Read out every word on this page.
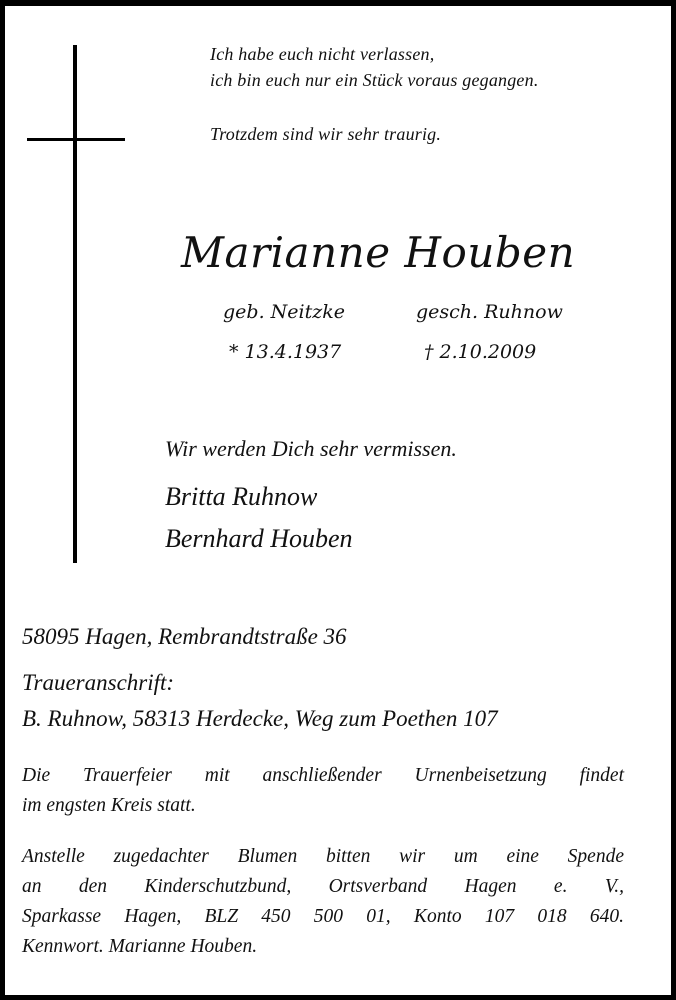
Ich habe euch nicht verlassen,
ich bin euch nur ein Stück voraus gegangen.
Trotzdem sind wir sehr traurig.
Marianne Houben
geb. Neitzke	gesch. Ruhnow
* 13.4.1937	† 2.10.2009
Wir werden Dich sehr vermissen.
Britta Ruhnow
Bernhard Houben
58095 Hagen, Rembrandtstraße 36
Traueranschrift:
B. Ruhnow, 58313 Herdecke, Weg zum Poethen 107
Die Trauerfeier mit anschließender Urnenbeisetzung findet
im engsten Kreis statt.
Anstelle zugedachter Blumen bitten wir um eine Spende
an den Kinderschutzbund, Ortsverband Hagen e. V.,
Sparkasse Hagen, BLZ 450 500 01, Konto 107 018 640.
Kennwort. Marianne Houben.
